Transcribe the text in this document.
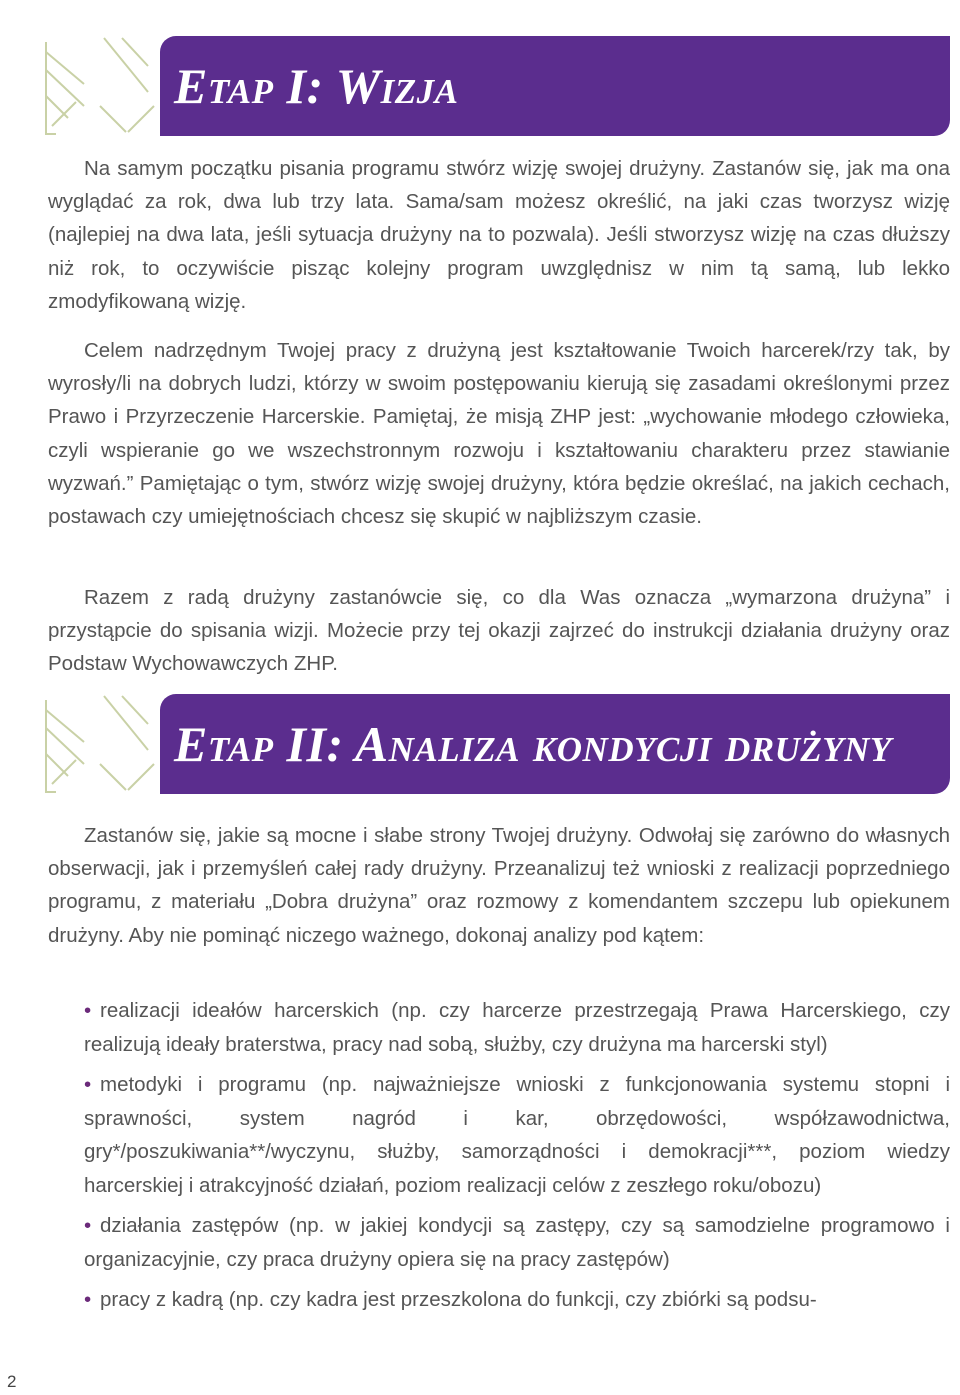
Etap I: Wizja

Na samym początku pisania programu stwórz wizję swojej drużyny. Zastanów się, jak ma ona wyglądać za rok, dwa lub trzy lata. Sama/sam możesz określić, na jaki czas tworzysz wizję (najlepiej na dwa lata, jeśli sytuacja drużyny na to pozwala). Jeśli stworzysz wizję na czas dłuższy niż rok, to oczywiście pisząc kolejny program uwzględnisz w nim tą samą, lub lekko zmodyfikowaną wizję.

Celem nadrzędnym Twojej pracy z drużyną jest kształtowanie Twoich harcerek/rzy tak, by wyrosły/li na dobrych ludzi, którzy w swoim postępowaniu kierują się zasadami określonymi przez Prawo i Przyrzeczenie Harcerskie. Pamiętaj, że misją ZHP jest: „wychowanie młodego człowieka, czyli wspieranie go we wszechstronnym rozwoju i kształtowaniu charakteru przez stawianie wyzwań.” Pamiętając o tym, stwórz wizję swojej drużyny, która będzie określać, na jakich cechach, postawach czy umiejętnościach chcesz się skupić w najbliższym czasie.

Razem z radą drużyny zastanówcie się, co dla Was oznacza „wymarzona drużyna” i przystąpcie do spisania wizji. Możecie przy tej okazji zajrzeć do instrukcji działania drużyny oraz Podstaw Wychowawczych ZHP.

Etap II: Analiza kondycji drużyny

Zastanów się, jakie są mocne i słabe strony Twojej drużyny. Odwołaj się zarówno do własnych obserwacji, jak i przemyśleń całej rady drużyny. Przeanalizuj też wnioski z realizacji poprzedniego programu, z materiału „Dobra drużyna” oraz rozmowy z komendantem szczepu lub opiekunem drużyny. Aby nie pominąć niczego ważnego, dokonaj analizy pod kątem:

• realizacji ideałów harcerskich (np. czy harcerze przestrzegają Prawa Harcerskiego, czy realizują ideały braterstwa, pracy nad sobą, służby, czy drużyna ma harcerski styl)
• metodyki i programu (np. najważniejsze wnioski z funkcjonowania systemu stopni i sprawności, system nagród i kar, obrzędowości, współzawodnictwa, gry*/poszukiwania**/wyczynu, służby, samorządności i demokracji***, poziom wiedzy harcerskiej i atrakcyjność działań, poziom realizacji celów z zeszłego roku/obozu)
• działania zastępów (np. w jakiej kondycji są zastępy, czy są samodzielne programowo i organizacyjnie, czy praca drużyny opiera się na pracy zastępów)
• pracy z kadrą (np. czy kadra jest przeszkolona do funkcji, czy zbiórki są podsu-
2
